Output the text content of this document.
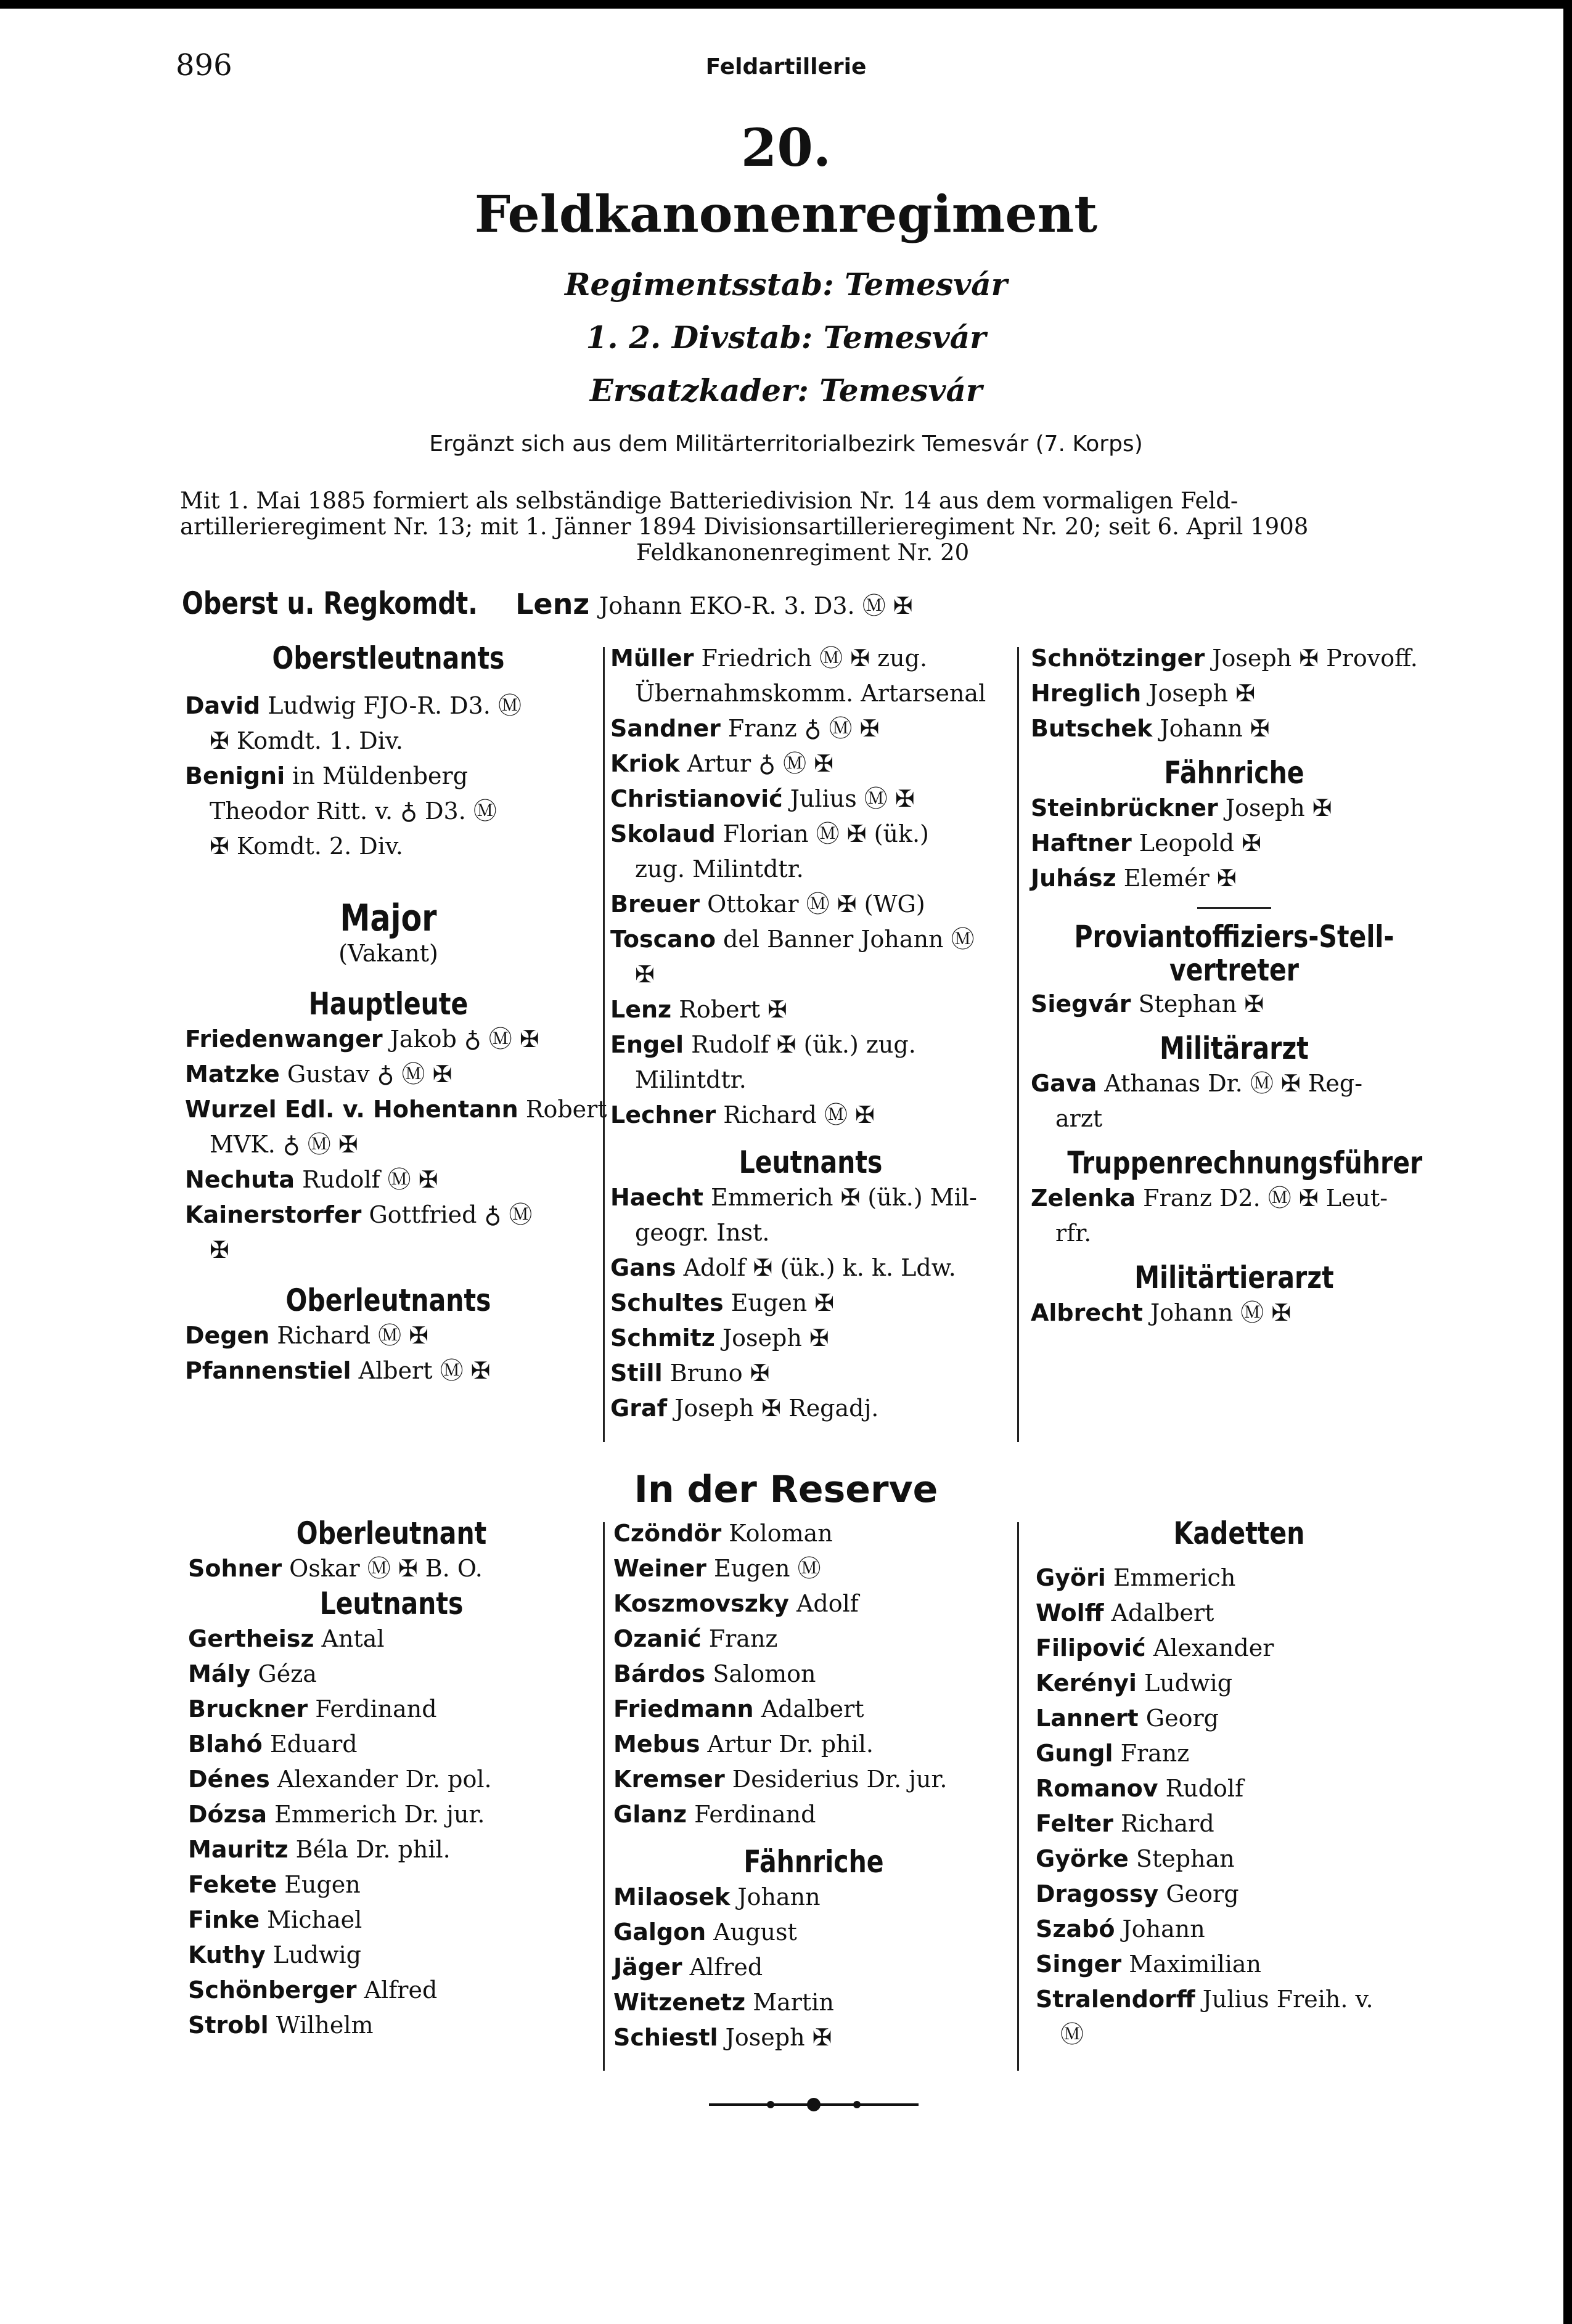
896	Feldartillerie
20.
Feldkanonenregiment
Regimentsstab: Temesvár
1. 2. Divstab: Temesvár
Ersatzkader: Temesvár
Ergänzt sich aus dem Militärterritorialbezirk Temesvár (7. Korps)
Mit 1. Mai 1885 formiert als selbständige Batteriedivision Nr. 14 aus dem vormaligen Feld-
artillerieregiment Nr. 13; mit 1. Jänner 1894 Divisionsartillerieregiment Nr. 20; seit 6. April 1908
Feldkanonenregiment Nr. 20
Oberst u. Regkomdt. Lenz Johann EKO-R. 3. D3. Ⓜ ✠
Oberstleutnants
David Ludwig FJO-R. D3. Ⓜ
✠ Komdt. 1. Div.
Benigni in Müldenberg
Theodor Ritt. v. ♁ D3. Ⓜ
✠ Komdt. 2. Div.
Major
(Vakant)
Hauptleute
Friedenwanger Jakob ♁ Ⓜ ✠
Matzke Gustav ♁ Ⓜ ✠
Wurzel Edl. v. Hohentann Robert
MVK. ♁ Ⓜ ✠
Nechuta Rudolf Ⓜ ✠
Kainerstorfer Gottfried ♁ Ⓜ
✠
Oberleutnants
Degen Richard Ⓜ ✠
Pfannenstiel Albert Ⓜ ✠
Müller Friedrich Ⓜ ✠ zug.
Übernahmskomm. Artarsenal
Sandner Franz ♁ Ⓜ ✠
Kriok Artur ♁ Ⓜ ✠
Christianović Julius Ⓜ ✠
Skolaud Florian Ⓜ ✠ (ük.)
zug. Milintdtr.
Breuer Ottokar Ⓜ ✠ (WG)
Toscano del Banner Johann Ⓜ
✠
Lenz Robert ✠
Engel Rudolf ✠ (ük.) zug.
Milintdtr.
Lechner Richard Ⓜ ✠
Leutnants
Haecht Emmerich ✠ (ük.) Mil-
geogr. Inst.
Gans Adolf ✠ (ük.) k. k. Ldw.
Schultes Eugen ✠
Schmitz Joseph ✠
Still Bruno ✠
Graf Joseph ✠ Regadj.
Schnötzinger Joseph ✠ Provoff.
Hreglich Joseph ✠
Butschek Johann ✠
Fähnriche
Steinbrückner Joseph ✠
Haftner Leopold ✠
Juhász Elemér ✠
Proviantoffiziers-Stell-
vertreter
Siegvár Stephan ✠
Militärarzt
Gava Athanas Dr. Ⓜ ✠ Reg-
arzt
Truppenrechnungsführer
Zelenka Franz D2. Ⓜ ✠ Leut-
rfr.
Militärtierarzt
Albrecht Johann Ⓜ ✠
In der Reserve
Oberleutnant
Sohner Oskar Ⓜ ✠ B. O.
Leutnants
Gertheisz Antal
Mály Géza
Bruckner Ferdinand
Blahó Eduard
Dénes Alexander Dr. pol.
Dózsa Emmerich Dr. jur.
Mauritz Béla Dr. phil.
Fekete Eugen
Finke Michael
Kuthy Ludwig
Schönberger Alfred
Strobl Wilhelm
Czöndör Koloman
Weiner Eugen Ⓜ
Koszmovszky Adolf
Ozanić Franz
Bárdos Salomon
Friedmann Adalbert
Mebus Artur Dr. phil.
Kremser Desiderius Dr. jur.
Glanz Ferdinand
Fähnriche
Milaosek Johann
Galgon August
Jäger Alfred
Witzenetz Martin
Schiestl Joseph ✠
Kadetten
Györi Emmerich
Wolff Adalbert
Filipović Alexander
Kerényi Ludwig
Lannert Georg
Gungl Franz
Romanov Rudolf
Felter Richard
Györke Stephan
Dragossy Georg
Szabó Johann
Singer Maximilian
Stralendorff Julius Freih. v.
Ⓜ
